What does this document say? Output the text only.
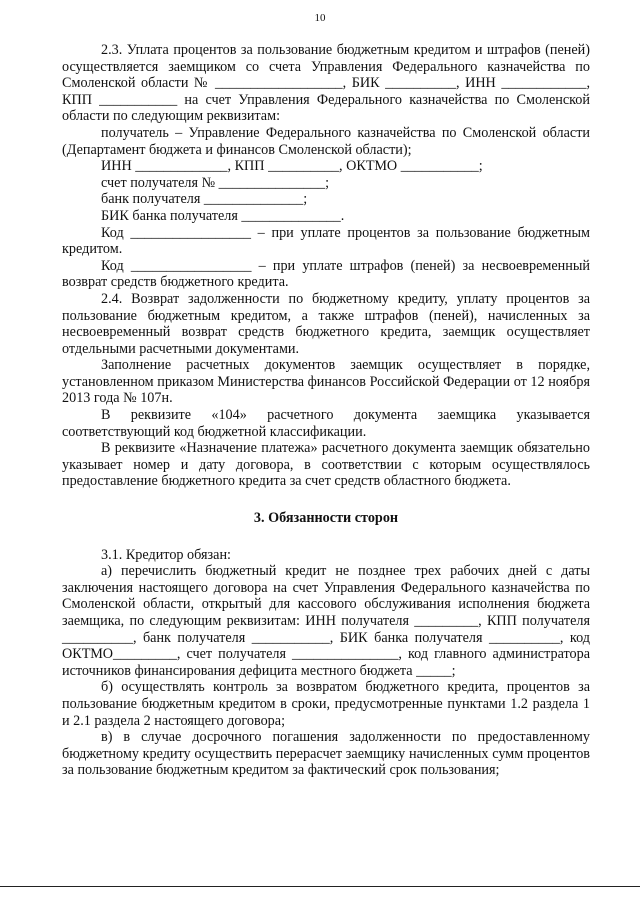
10

2.3. Уплата процентов за пользование бюджетным кредитом и штрафов (пеней) осуществляется заемщиком со счета Управления Федерального казначейства по Смоленской области № __________________, БИК __________, ИНН ____________, КПП ___________ на счет Управления Федерального казначейства по Смоленской области по следующим реквизитам:

получатель – Управление Федерального казначейства по Смоленской области (Департамент бюджета и финансов Смоленской области);

ИНН _____________, КПП __________, ОКТМО ___________;

счет получателя № _______________;

банк получателя ______________;

БИК банка получателя ______________.

Код _________________ – при уплате процентов за пользование бюджетным кредитом.

Код _________________ – при уплате штрафов (пеней) за несвоевременный возврат средств бюджетного кредита.

2.4. Возврат задолженности по бюджетному кредиту, уплату процентов за пользование бюджетным кредитом, а также штрафов (пеней), начисленных за несвоевременный возврат средств бюджетного кредита, заемщик осуществляет отдельными расчетными документами.

Заполнение расчетных документов заемщик осуществляет в порядке, установленном приказом Министерства финансов Российской Федерации от 12 ноября 2013 года № 107н.

В реквизите «104» расчетного документа заемщика указывается соответствующий код бюджетной классификации.

В реквизите «Назначение платежа» расчетного документа заемщик обязательно указывает номер и дату договора, в соответствии с которым осуществлялось предоставление бюджетного кредита за счет средств областного бюджета.

3. Обязанности сторон

3.1. Кредитор обязан:

а) перечислить бюджетный кредит не позднее трех рабочих дней с даты заключения настоящего договора на счет Управления Федерального казначейства по Смоленской области, открытый для кассового обслуживания исполнения бюджета заемщика, по следующим реквизитам: ИНН получателя _________, КПП получателя __________, банк получателя ___________, БИК банка получателя __________, код ОКТМО_________, счет получателя _______________, код главного администратора источников финансирования дефицита местного бюджета _____;

б) осуществлять контроль за возвратом бюджетного кредита, процентов за пользование бюджетным кредитом в сроки, предусмотренные пунктами 1.2 раздела 1 и 2.1 раздела 2 настоящего договора;

в) в случае досрочного погашения задолженности по предоставленному бюджетному кредиту осуществить перерасчет заемщику начисленных сумм процентов за пользование бюджетным кредитом за фактический срок пользования;
